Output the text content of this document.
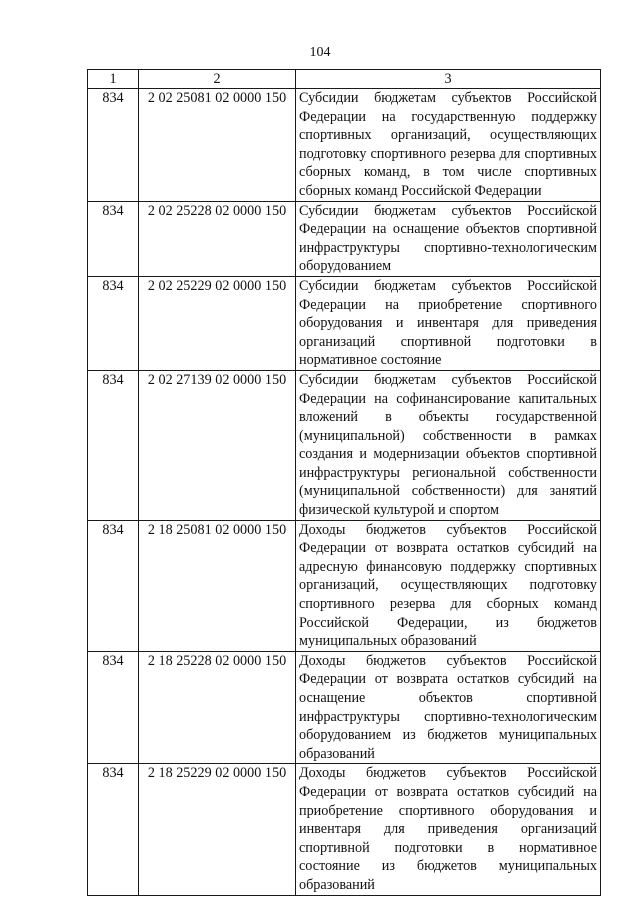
104
1	2	3
834	2 02 25081 02 0000 150	Субсидии бюджетам субъектов Российской Федерации на государственную поддержку спортивных организаций, осуществляющих подготовку спортивного резерва для спортивных сборных команд, в том числе спортивных сборных команд Российской Федерации
834	2 02 25228 02 0000 150	Субсидии бюджетам субъектов Российской Федерации на оснащение объектов спортивной инфраструктуры спортивно-технологическим оборудованием
834	2 02 25229 02 0000 150	Субсидии бюджетам субъектов Российской Федерации на приобретение спортивного оборудования и инвентаря для приведения организаций спортивной подготовки в нормативное состояние
834	2 02 27139 02 0000 150	Субсидии бюджетам субъектов Российской Федерации на софинансирование капитальных вложений в объекты государственной (муниципальной) собственности в рамках создания и модернизации объектов спортивной инфраструктуры региональной собственности (муниципальной собственности) для занятий физической культурой и спортом
834	2 18 25081 02 0000 150	Доходы бюджетов субъектов Российской Федерации от возврата остатков субсидий на адресную финансовую поддержку спортивных организаций, осуществляющих подготовку спортивного резерва для сборных команд Российской Федерации, из бюджетов муниципальных образований
834	2 18 25228 02 0000 150	Доходы бюджетов субъектов Российской Федерации от возврата остатков субсидий на оснащение объектов спортивной инфраструктуры спортивно-технологическим оборудованием из бюджетов муниципальных образований
834	2 18 25229 02 0000 150	Доходы бюджетов субъектов Российской Федерации от возврата остатков субсидий на приобретение спортивного оборудования и инвентаря для приведения организаций спортивной подготовки в нормативное состояние из бюджетов муниципальных образований
